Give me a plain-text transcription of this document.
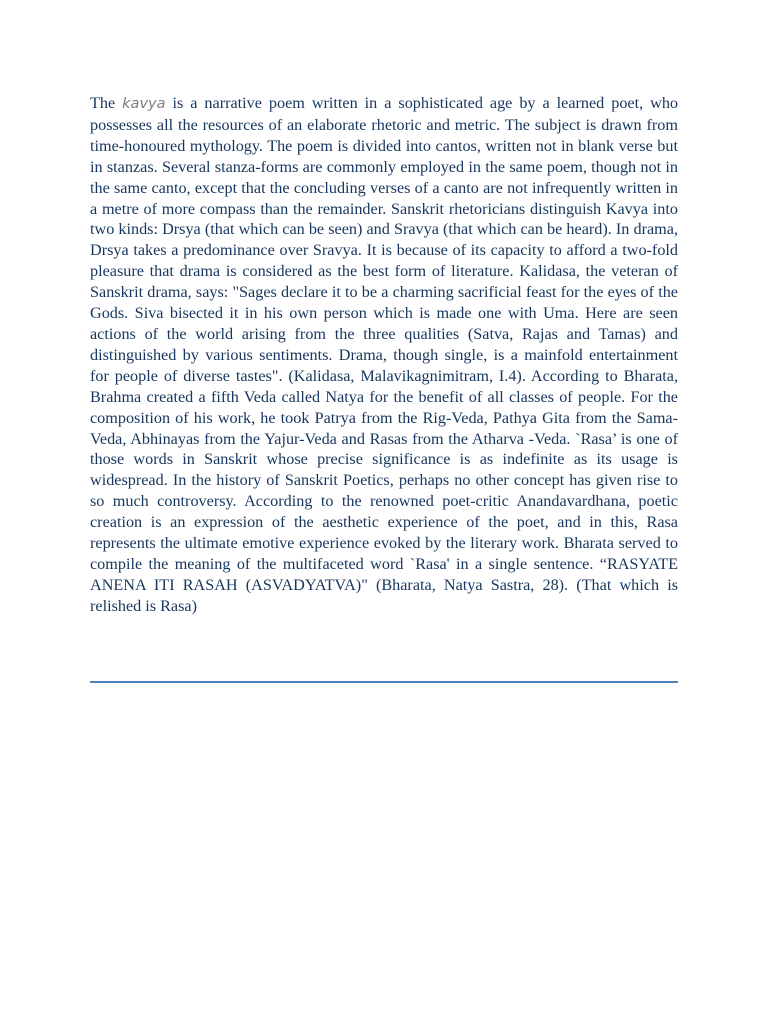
The kavya is a narrative poem written in a sophisticated age by a learned poet, who possesses all the resources of an elaborate rhetoric and metric. The subject is drawn from time-honoured mythology. The poem is divided into cantos, written not in blank verse but in stanzas. Several stanza-forms are commonly employed in the same poem, though not in the same canto, except that the concluding verses of a canto are not infrequently written in a metre of more compass than the remainder. Sanskrit rhetoricians distinguish Kavya into two kinds: Drsya (that which can be seen) and Sravya (that which can be heard). In drama, Drsya takes a predominance over Sravya. It is because of its capacity to afford a two-fold pleasure that drama is considered as the best form of literature. Kalidasa, the veteran of Sanskrit drama, says: "Sages declare it to be a charming sacrificial feast for the eyes of the Gods. Siva bisected it in his own person which is made one with Uma. Here are seen actions of the world arising from the three qualities (Satva, Rajas and Tamas) and distinguished by various sentiments. Drama, though single, is a mainfold entertainment for people of diverse tastes". (Kalidasa, Malavikagnimitram, I.4). According to Bharata, Brahma created a fifth Veda called Natya for the benefit of all classes of people. For the composition of his work, he took Patrya from the Rig-Veda, Pathya Gita from the Sama-Veda, Abhinayas from the Yajur-Veda and Rasas from the Atharva -Veda. `Rasa’ is one of those words in Sanskrit whose precise significance is as indefinite as its usage is widespread. In the history of Sanskrit Poetics, perhaps no other concept has given rise to so much controversy. According to the renowned poet-critic Anandavardhana, poetic creation is an expression of the aesthetic experience of the poet, and in this, Rasa represents the ultimate emotive experience evoked by the literary work. Bharata served to compile the meaning of the multifaceted word `Rasa' in a single sentence. “RASYATE ANENA ITI RASAH (ASVADYATVA)" (Bharata, Natya Sastra, 28). (That which is relished is Rasa)
